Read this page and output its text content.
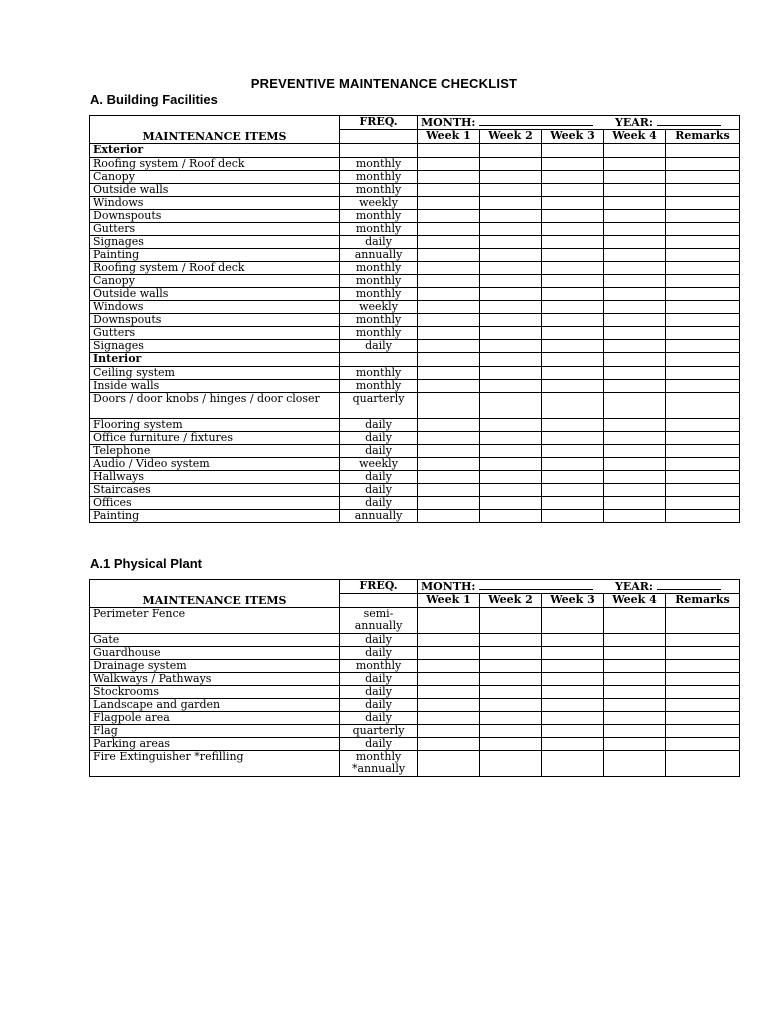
PREVENTIVE MAINTENANCE CHECKLIST
A. Building Facilities
MAINTENANCE ITEMS	FREQ.	MONTH: YEAR:				
		Week 1	Week 2	Week 3	Week 4	Remarks
Exterior						
Roofing system / Roof deck	monthly					
Canopy	monthly					
Outside walls	monthly					
Windows	weekly					
Downspouts	monthly					
Gutters	monthly					
Signages	daily					
Painting	annually					
Roofing system / Roof deck	monthly					
Canopy	monthly					
Outside walls	monthly					
Windows	weekly					
Downspouts	monthly					
Gutters	monthly					
Signages	daily					
Interior						
Ceiling system	monthly					
Inside walls	monthly					
Doors / door knobs / hinges / door closer	quarterly					
Flooring system	daily					
Office furniture / fixtures	daily					
Telephone	daily					
Audio / Video system	weekly					
Hallways	daily					
Staircases	daily					
Offices	daily					
Painting	annually					
A.1 Physical Plant
MAINTENANCE ITEMS	FREQ.	MONTH: YEAR:				
		Week 1	Week 2	Week 3	Week 4	Remarks
Perimeter Fence	semi-annually					
Gate	daily					
Guardhouse	daily					
Drainage system	monthly					
Walkways / Pathways	daily					
Stockrooms	daily					
Landscape and garden	daily					
Flagpole area	daily					
Flag	quarterly					
Parking areas	daily					
Fire Extinguisher *refilling	monthly *annually					
